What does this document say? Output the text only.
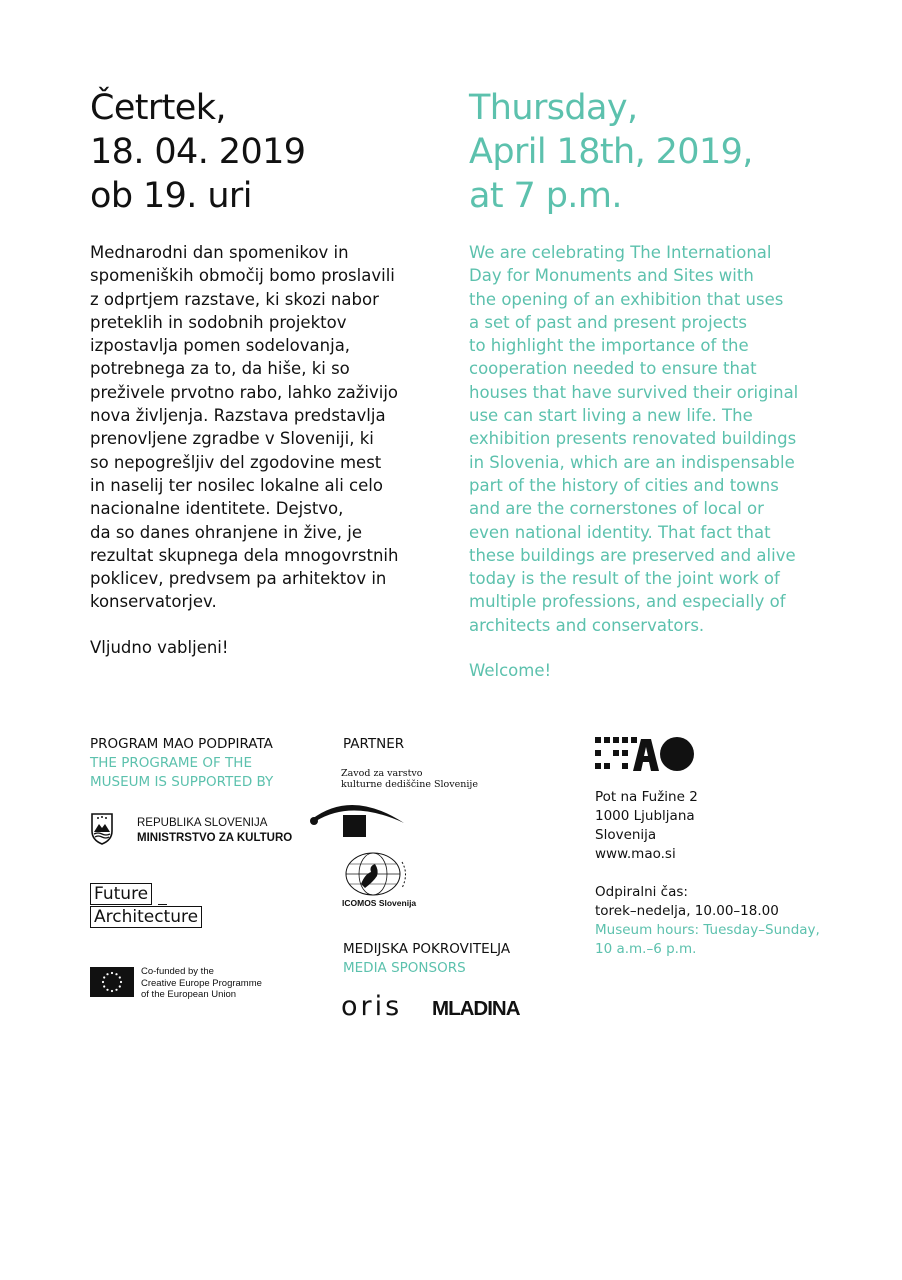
Četrtek,
18. 04. 2019
ob 19. uri
Thursday,
April 18th, 2019,
at 7 p.m.
Mednarodni dan spomenikov in
spomeniških območij bomo proslavili
z odprtjem razstave, ki skozi nabor
preteklih in sodobnih projektov
izpostavlja pomen sodelovanja,
potrebnega za to, da hiše, ki so
preživele prvotno rabo, lahko zaživijo
nova življenja. Razstava predstavlja
prenovljene zgradbe v Sloveniji, ki
so nepogrešljiv del zgodovine mest
in naselij ter nosilec lokalne ali celo
nacionalne identitete. Dejstvo,
da so danes ohranjene in žive, je
rezultat skupnega dela mnogovrstnih
poklicev, predvsem pa arhitektov in
konservatorjev.
Vljudno vabljeni!
We are celebrating The International
Day for Monuments and Sites with
the opening of an exhibition that uses
a set of past and present projects
to highlight the importance of the
cooperation needed to ensure that
houses that have survived their original
use can start living a new life. The
exhibition presents renovated buildings
in Slovenia, which are an indispensable
part of the history of cities and towns
and are the cornerstones of local or
even national identity. That fact that
these buildings are preserved and alive
today is the result of the joint work of
multiple professions, and especially of
architects and conservators.
Welcome!
PROGRAM MAO PODPIRATA
THE PROGRAME OF THE
MUSEUM IS SUPPORTED BY
REPUBLIKA SLOVENIJA
MINISTRSTVO ZA KULTURO
Future
Architecture
Co-funded by the
Creative Europe Programme
of the European Union
PARTNER
Zavod za varstvo
kulturne dediščine Slovenije
ICOMOS Slovenija
MEDIJSKA POKROVITELJA
MEDIA SPONSORS
oris MLADINA
Pot na Fužine 2
1000 Ljubljana
Slovenija
www.mao.si
Odpiralni čas:
torek–nedelja, 10.00–18.00
Museum hours: Tuesday–Sunday,
10 a.m.–6 p.m.
